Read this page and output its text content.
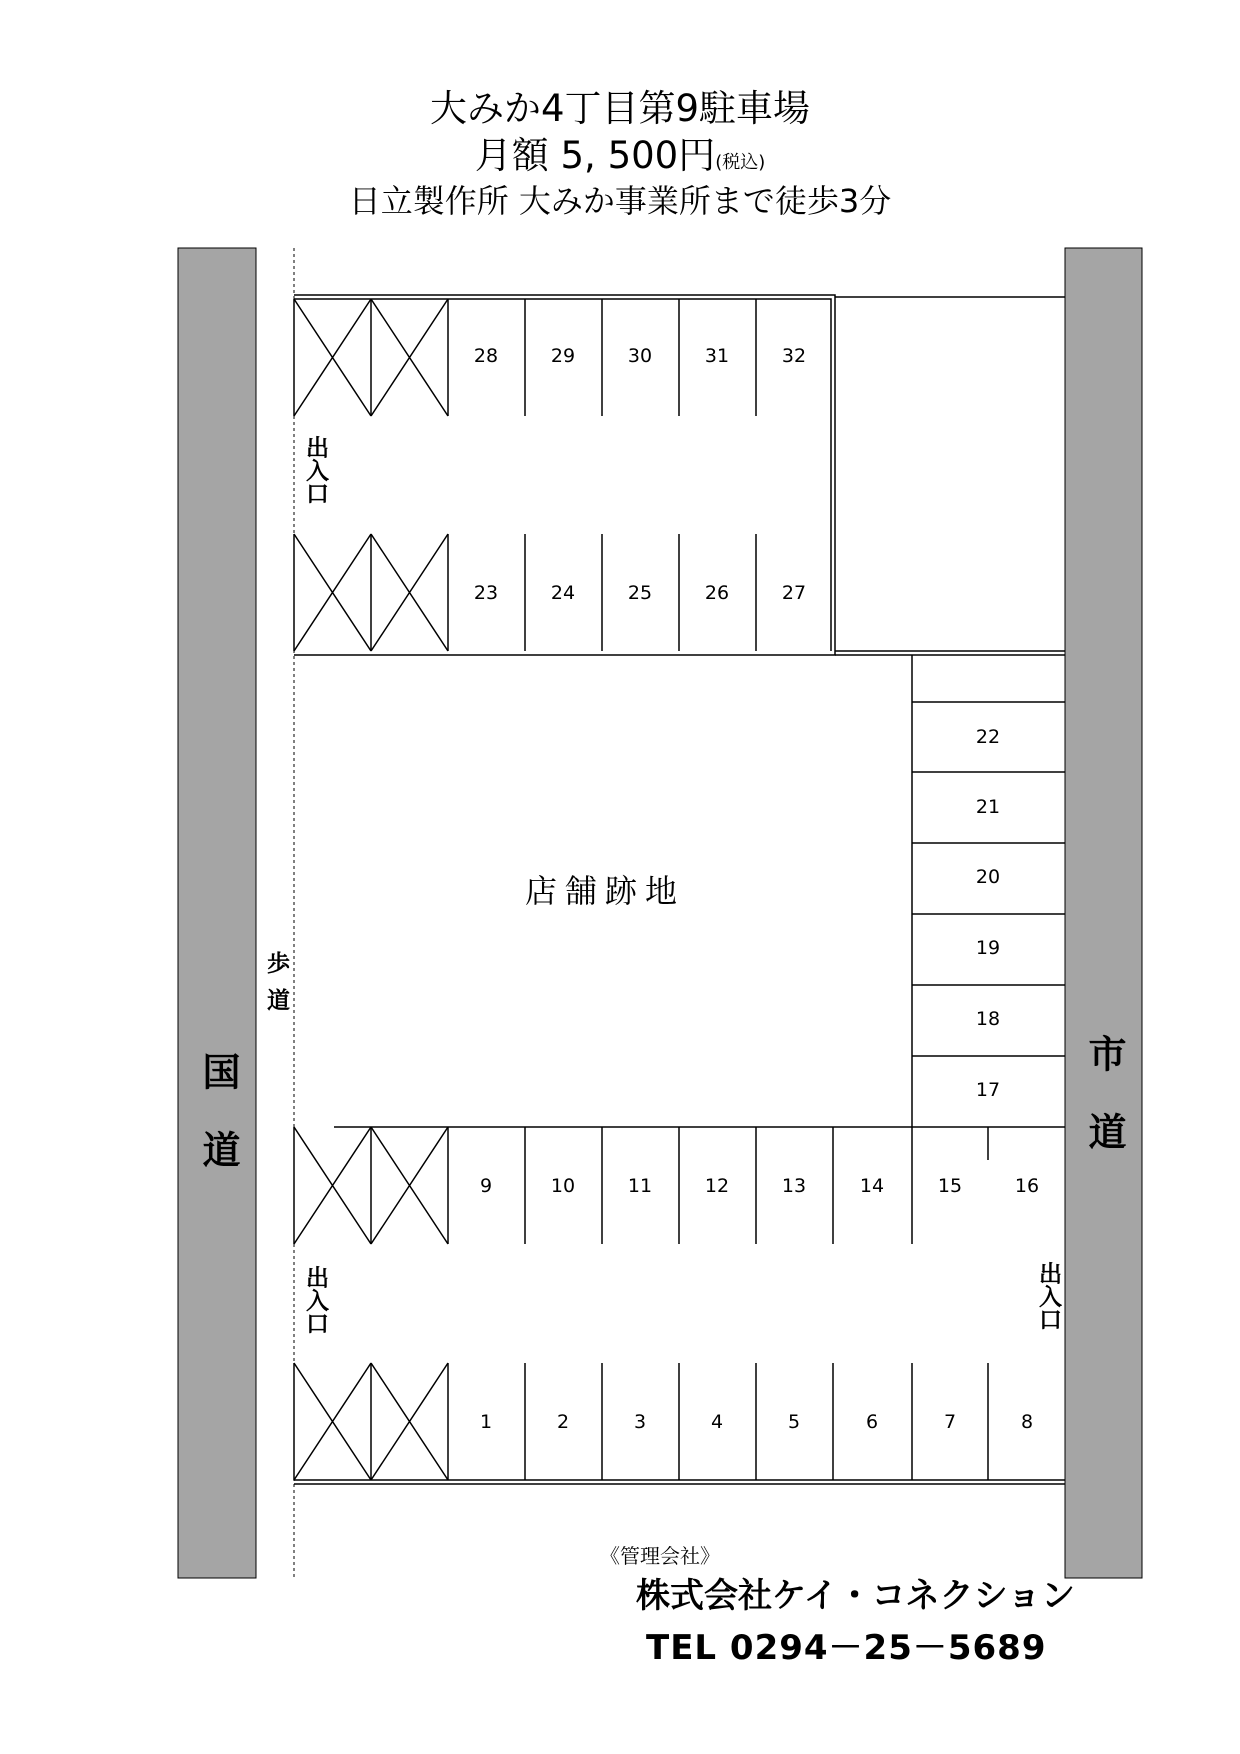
大みか4丁目第9駐車場
月額 5, 500円(税込)
日立製作所 大みか事業所まで徒歩3分
28	29	30	31	32
23	24	25	26	27
17
18
19
20
21
22
9	10	11	12	13	14	15	16
1	2	3	4	5	6	7	8
店舗跡地
国道	市道
歩道
出入口
出入口	出入口
《管理会社》
株式会社ケイ・コネクション
TEL 0294－25－5689
